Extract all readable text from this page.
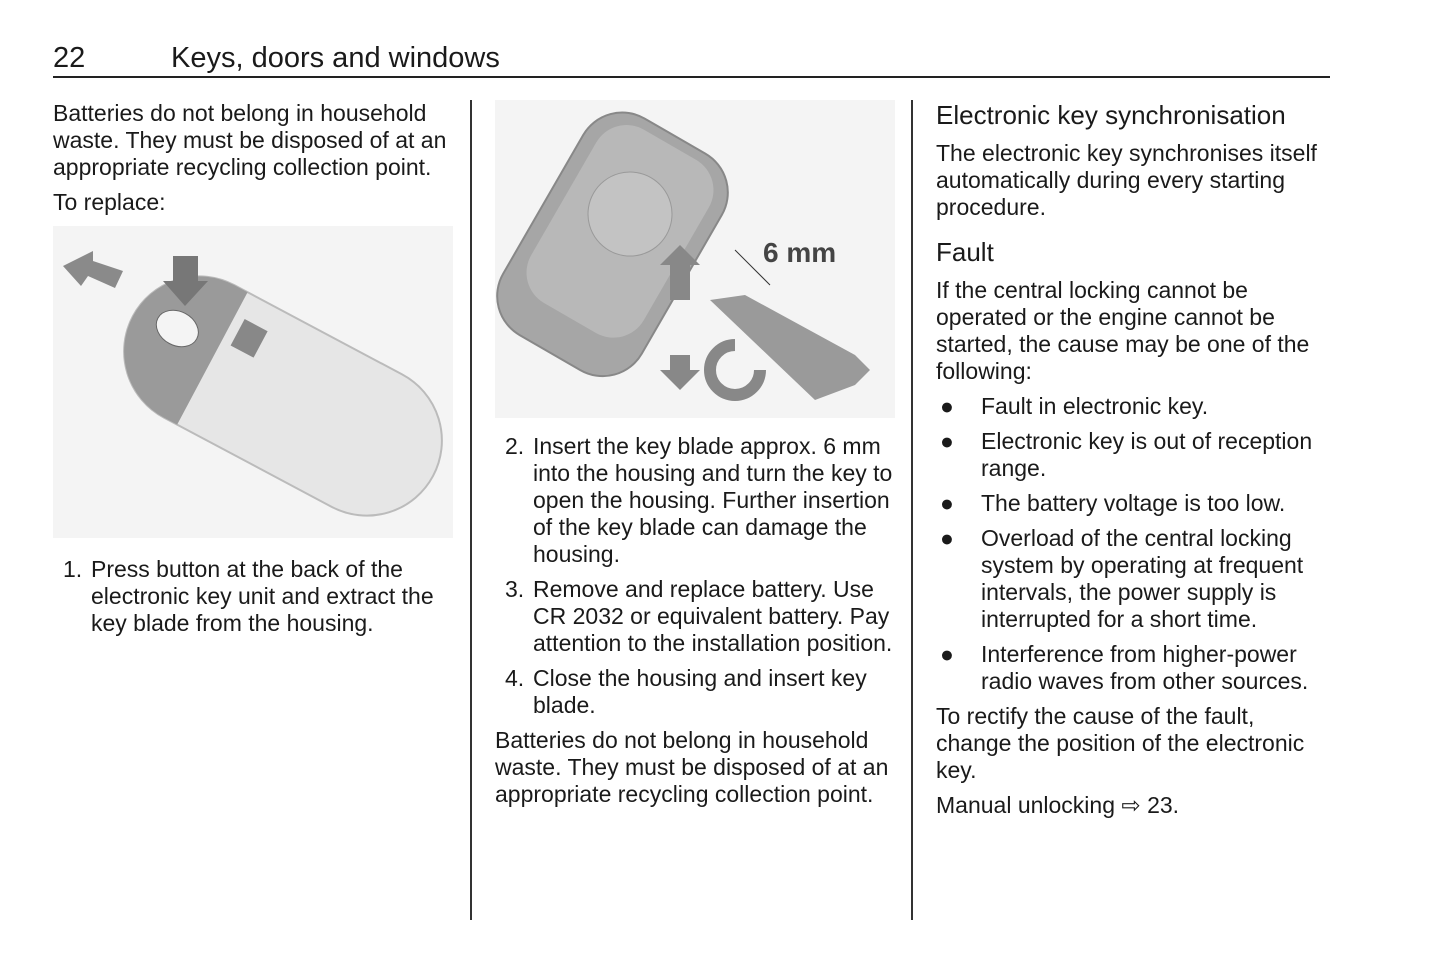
22	Keys, doors and windows

Batteries do not belong in household waste. They must be disposed of at an appropriate recycling collection point.

To replace:

1. Press button at the back of the electronic key unit and extract the key blade from the housing.
6 mm
2. Insert the key blade approx. 6 mm into the housing and turn the key to open the housing. Further insertion of the key blade can damage the housing.
3. Remove and replace battery. Use CR 2032 or equivalent battery. Pay attention to the installation position.
4. Close the housing and insert key blade.

Batteries do not belong in household waste. They must be disposed of at an appropriate recycling collection point.

Electronic key synchronisation

The electronic key synchronises itself automatically during every starting procedure.

Fault

If the central locking cannot be operated or the engine cannot be started, the cause may be one of the following:

● Fault in electronic key.
● Electronic key is out of reception range.
● The battery voltage is too low.
● Overload of the central locking system by operating at frequent intervals, the power supply is interrupted for a short time.
● Interference from higher-power radio waves from other sources.

To rectify the cause of the fault, change the position of the electronic key.

Manual unlocking ⇨ 23.
